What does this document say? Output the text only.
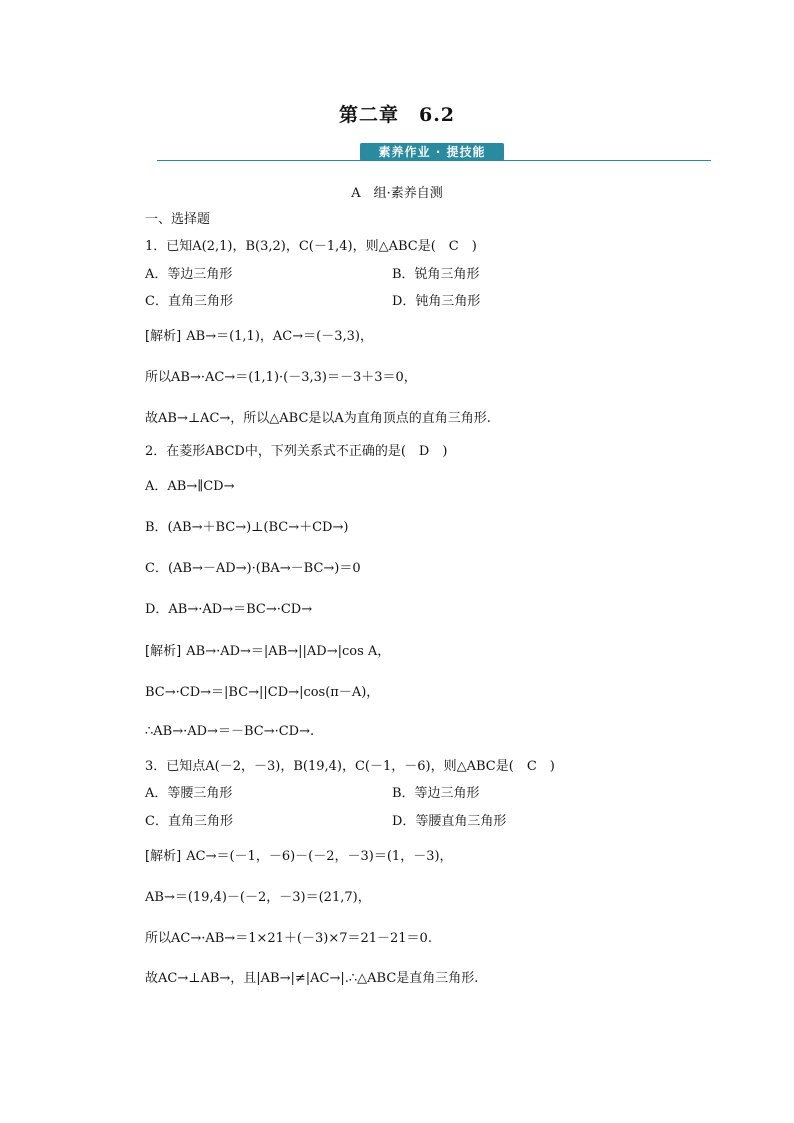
第二章　6.2
素养作业 · 提技能
A　组·素养自测
一、选择题
1．已知A(2,1)，B(3,2)，C(－1,4)，则△ABC是(　C　)
A．等边三角形	B．锐角三角形
C．直角三角形	D．钝角三角形
[解析] AB→＝(1,1)，AC→＝(－3,3)，
所以AB→·AC→＝(1,1)·(－3,3)＝－3＋3＝0，
故AB→⊥AC→，所以△ABC是以A为直角顶点的直角三角形.
2．在菱形ABCD中，下列关系式不正确的是(　D　)
A．AB→∥CD→
B．(AB→＋BC→)⊥(BC→＋CD→)
C．(AB→－AD→)·(BA→－BC→)＝0
D．AB→·AD→＝BC→·CD→
[解析] AB→·AD→＝|AB→||AD→|cos A，
BC→·CD→＝|BC→||CD→|cos(π－A)，
∴AB→·AD→＝－BC→·CD→.
3．已知点A(－2，－3)，B(19,4)，C(－1，－6)，则△ABC是(　C　)
A．等腰三角形	B．等边三角形
C．直角三角形	D．等腰直角三角形
[解析] AC→＝(－1，－6)－(－2，－3)＝(1，－3)，
AB→＝(19,4)－(－2，－3)＝(21,7)，
所以AC→·AB→＝1×21＋(－3)×7＝21－21＝0.
故AC→⊥AB→，且|AB→|≠|AC→|.∴△ABC是直角三角形.
